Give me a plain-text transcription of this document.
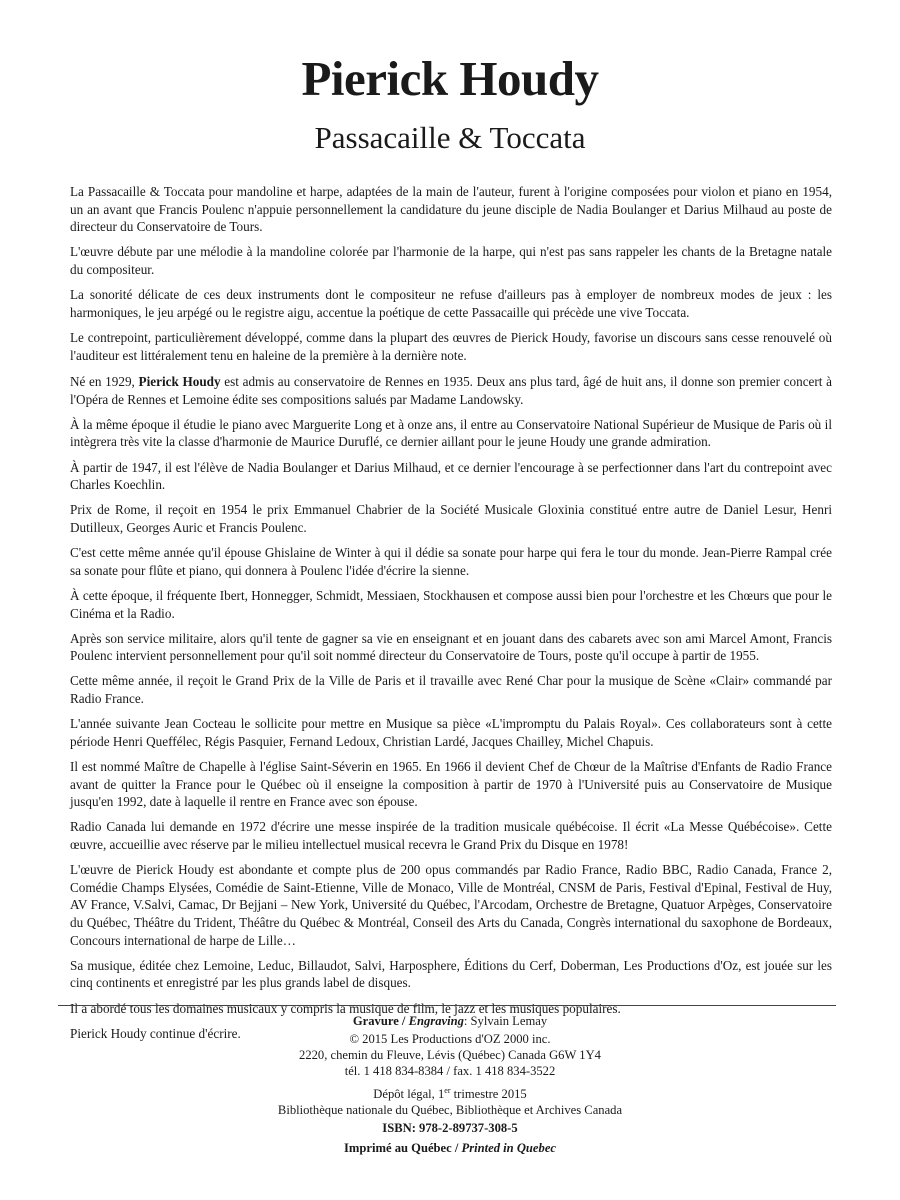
Pierick Houdy
Passacaille & Toccata

La Passacaille & Toccata pour mandoline et harpe, adaptées de la main de l'auteur, furent à l'origine composées pour violon et piano en 1954, un an avant que Francis Poulenc n'appuie personnellement la candidature du jeune disciple de Nadia Boulanger et Darius Milhaud au poste de directeur du Conservatoire de Tours.

L'œuvre débute par une mélodie à la mandoline colorée par l'harmonie de la harpe, qui n'est pas sans rappeler les chants de la Bretagne natale du compositeur.

La sonorité délicate de ces deux instruments dont le compositeur ne refuse d'ailleurs pas à employer de nombreux modes de jeux : les harmoniques, le jeu arpégé ou le registre aigu, accentue la poétique de cette Passacaille qui précède une vive Toccata.

Le contrepoint, particulièrement développé, comme dans la plupart des œuvres de Pierick Houdy, favorise un discours sans cesse renouvelé où l'auditeur est littéralement tenu en haleine de la première à la dernière note.

Né en 1929, Pierick Houdy est admis au conservatoire de Rennes en 1935. Deux ans plus tard, âgé de huit ans, il donne son premier concert à l'Opéra de Rennes et Lemoine édite ses compositions salués par Madame Landowsky.

À la même époque il étudie le piano avec Marguerite Long et à onze ans, il entre au Conservatoire National Supérieur de Musique de Paris où il intègrera très vite la classe d'harmonie de Maurice Duruflé, ce dernier aillant pour le jeune Houdy une grande admiration.

À partir de 1947, il est l'élève de Nadia Boulanger et Darius Milhaud, et ce dernier l'encourage à se perfectionner dans l'art du contrepoint avec Charles Koechlin.

Prix de Rome, il reçoit en 1954 le prix Emmanuel Chabrier de la Société Musicale Gloxinia constitué entre autre de Daniel Lesur, Henri Dutilleux, Georges Auric et Francis Poulenc.

C'est cette même année qu'il épouse Ghislaine de Winter à qui il dédie sa sonate pour harpe qui fera le tour du monde. Jean-Pierre Rampal crée sa sonate pour flûte et piano, qui donnera à Poulenc l'idée d'écrire la sienne.

À cette époque, il fréquente Ibert, Honnegger, Schmidt, Messiaen, Stockhausen et compose aussi bien pour l'orchestre et les Chœurs que pour le Cinéma et la Radio.

Après son service militaire, alors qu'il tente de gagner sa vie en enseignant et en jouant dans des cabarets avec son ami Marcel Amont, Francis Poulenc intervient personnellement pour qu'il soit nommé directeur du Conservatoire de Tours, poste qu'il occupe à partir de 1955.

Cette même année, il reçoit le Grand Prix de la Ville de Paris et il travaille avec René Char pour la musique de Scène «Clair» commandé par Radio France.

L'année suivante Jean Cocteau le sollicite pour mettre en Musique sa pièce «L'impromptu du Palais Royal». Ces collaborateurs sont à cette période Henri Queffélec, Régis Pasquier, Fernand Ledoux, Christian Lardé, Jacques Chailley, Michel Chapuis.

Il est nommé Maître de Chapelle à l'église Saint-Séverin en 1965. En 1966 il devient Chef de Chœur de la Maîtrise d'Enfants de Radio France avant de quitter la France pour le Québec où il enseigne la composition à partir de 1970 à l'Université puis au Conservatoire de Musique jusqu'en 1992, date à laquelle il rentre en France avec son épouse.

Radio Canada lui demande en 1972 d'écrire une messe inspirée de la tradition musicale québécoise. Il écrit «La Messe Québécoise». Cette œuvre, accueillie avec réserve par le milieu intellectuel musical recevra le Grand Prix du Disque en 1978!

L'œuvre de Pierick Houdy est abondante et compte plus de 200 opus commandés par Radio France, Radio BBC, Radio Canada, France 2, Comédie Champs Elysées, Comédie de Saint-Etienne, Ville de Monaco, Ville de Montréal, CNSM de Paris, Festival d'Epinal, Festival de Huy, AV France, V.Salvi, Camac, Dr Bejjani – New York, Université du Québec, l'Arcodam, Orchestre de Bretagne, Quatuor Arpèges, Conservatoire du Québec, Théâtre du Trident, Théâtre du Québec & Montréal, Conseil des Arts du Canada, Congrès international du saxophone de Bordeaux, Concours international de harpe de Lille…

Sa musique, éditée chez Lemoine, Leduc, Billaudot, Salvi, Harposphere, Éditions du Cerf, Doberman, Les Productions d'Oz, est jouée sur les cinq continents et enregistré par les plus grands label de disques.

Il a abordé tous les domaines musicaux y compris la musique de film, le jazz et les musiques populaires.

Pierick Houdy continue d'écrire.

Gravure / Engraving: Sylvain Lemay
© 2015 Les Productions d'OZ 2000 inc.
2220, chemin du Fleuve, Lévis (Québec) Canada G6W 1Y4
tél. 1 418 834-8384 / fax. 1 418 834-3522
Dépôt légal, 1er trimestre 2015
Bibliothèque nationale du Québec, Bibliothèque et Archives Canada
ISBN: 978-2-89737-308-5
Imprimé au Québec / Printed in Quebec
